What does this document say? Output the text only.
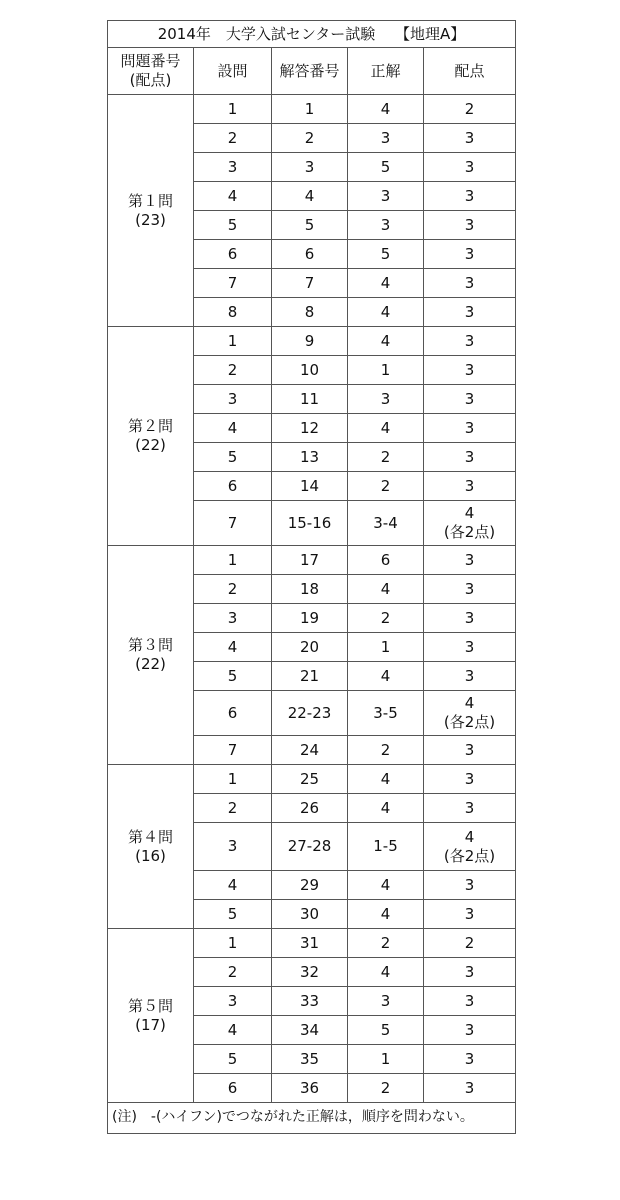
2014年　大学入試センター試験　 【地理A】				

問題番号
(配点)	設問	解答番号	正解	配点

第１問
(23)	1	1	4	2
	2	2	3	3
	3	3	5	3
	4	4	3	3
	5	5	3	3
	6	6	5	3
	7	7	4	3
	8	8	4	3

第２問
(22)	1	9	4	3
	2	10	1	3
	3	11	3	3
	4	12	4	3
	5	13	2	3
	6	14	2	3
	7	15-16	3-4	4
(各2点)

第３問
(22)	1	17	6	3
	2	18	4	3
	3	19	2	3
	4	20	1	3
	5	21	4	3
	6	22-23	3-5	4
(各2点)

	7	24	2	3

第４問
(16)	1	25	4	3
	2	26	4	3
	3	27-28	1-5	4
(各2点)

	4	29	4	3
	5	30	4	3

第５問
(17)	1	31	2	2
	2	32	4	3
	3	33	3	3
	4	34	5	3
	5	35	1	3
	6	36	2	3
(注)　-(ハイフン)でつながれた正解は，順序を問わない。				
